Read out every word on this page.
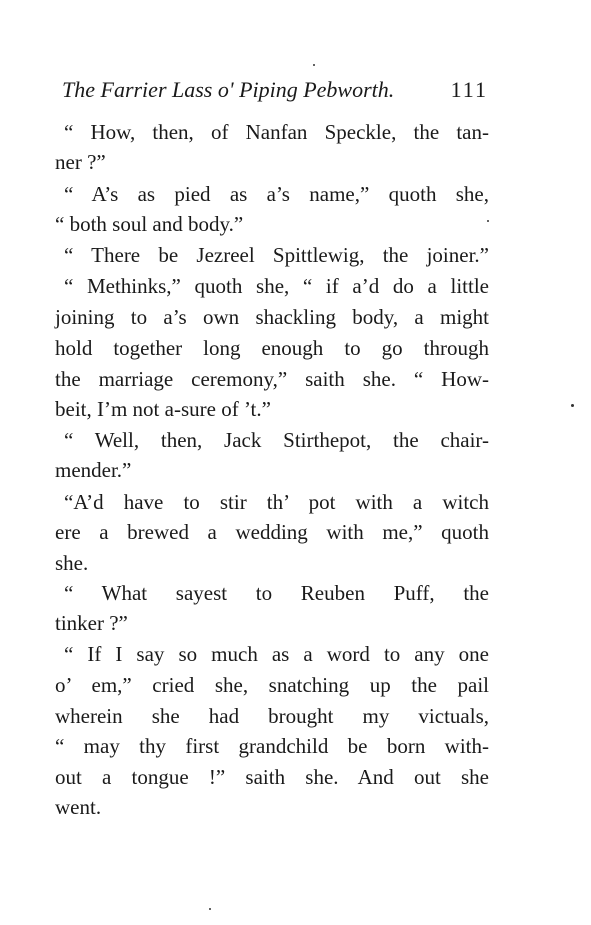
The Farrier Lass o' Piping Pebworth.	111
“ How, then, of Nanfan Speckle, the tan-
ner ?”
“ A’s as pied as a’s name,” quoth she,
“ both soul and body.”
“ There be Jezreel Spittlewig, the joiner.”
“ Methinks,” quoth she, “ if a’d do a little
joining to a’s own shackling body, a might
hold together long enough to go through
the marriage ceremony,” saith she. “ How-
beit, I’m not a-sure of ’t.”
“ Well, then, Jack Stirthepot, the chair-
mender.”
“A’d have to stir th’ pot with a witch
ere a brewed a wedding with me,” quoth
she.
“ What sayest to Reuben Puff, the
tinker ?”
“ If I say so much as a word to any one
o’ em,” cried she, snatching up the pail
wherein she had brought my victuals,
“ may thy first grandchild be born with-
out a tongue !” saith she. And out she
went.
